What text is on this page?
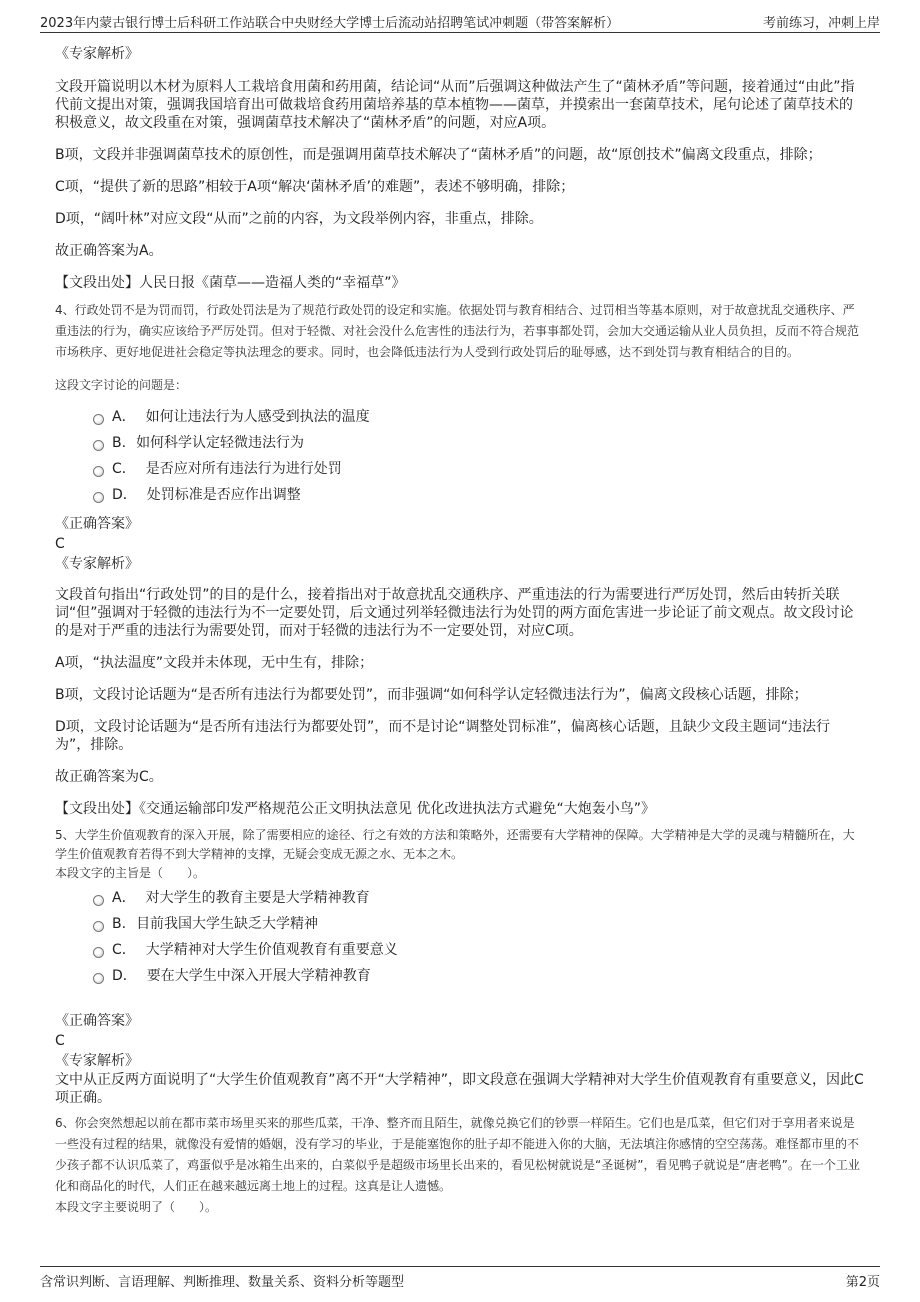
2023年内蒙古银行博士后科研工作站联合中央财经大学博士后流动站招聘笔试冲刺题（带答案解析）	考前练习，冲刺上岸

《专家解析》

文段开篇说明以木材为原料人工栽培食用菌和药用菌，结论词“从而”后强调这种做法产生了“菌林矛盾”等问题，接着通过“由此”指代前文提出对策，强调我国培育出可做栽培食药用菌培养基的草本植物——菌草，并摸索出一套菌草技术，尾句论述了菌草技术的积极意义，故文段重在对策，强调菌草技术解决了“菌林矛盾”的问题，对应A项。

B项，文段并非强调菌草技术的原创性，而是强调用菌草技术解决了“菌林矛盾”的问题，故“原创技术”偏离文段重点，排除；

C项，“提供了新的思路”相较于A项“解决‘菌林矛盾’的难题”，表述不够明确，排除；

D项，“阔叶林”对应文段“从而”之前的内容，为文段举例内容，非重点，排除。

故正确答案为A。

【文段出处】人民日报《菌草——造福人类的“幸福草”》

4、行政处罚不是为罚而罚，行政处罚法是为了规范行政处罚的设定和实施。依据处罚与教育相结合、过罚相当等基本原则，对于故意扰乱交通秩序、严重违法的行为，确实应该给予严厉处罚。但对于轻微、对社会没什么危害性的违法行为，若事事都处罚，会加大交通运输从业人员负担，反而不符合规范市场秩序、更好地促进社会稳定等执法理念的要求。同时，也会降低违法行为人受到行政处罚后的耻辱感，达不到处罚与教育相结合的目的。

这段文字讨论的问题是：

A． 如何让违法行为人感受到执法的温度
B. 如何科学认定轻微违法行为
C． 是否应对所有违法行为进行处罚
D． 处罚标准是否应作出调整

《正确答案》

C

《专家解析》

文段首句指出“行政处罚”的目的是什么，接着指出对于故意扰乱交通秩序、严重违法的行为需要进行严厉处罚，然后由转折关联词“但”强调对于轻微的违法行为不一定要处罚，后文通过列举轻微违法行为处罚的两方面危害进一步论证了前文观点。故文段讨论的是对于严重的违法行为需要处罚，而对于轻微的违法行为不一定要处罚，对应C项。

A项，“执法温度”文段并未体现，无中生有，排除；

B项，文段讨论话题为“是否所有违法行为都要处罚”，而非强调“如何科学认定轻微违法行为”，偏离文段核心话题，排除；

D项，文段讨论话题为“是否所有违法行为都要处罚”，而不是讨论“调整处罚标准”，偏离核心话题，且缺少文段主题词“违法行为”，排除。

故正确答案为C。

【文段出处】《交通运输部印发严格规范公正文明执法意见 优化改进执法方式避免“大炮轰小鸟”》

5、大学生价值观教育的深入开展，除了需要相应的途径、行之有效的方法和策略外，还需要有大学精神的保障。大学精神是大学的灵魂与精髓所在，大学生价值观教育若得不到大学精神的支撑，无疑会变成无源之水、无本之木。

本段文字的主旨是（　　）。

A． 对大学生的教育主要是大学精神教育
B. 目前我国大学生缺乏大学精神
C． 大学精神对大学生价值观教育有重要意义
D． 要在大学生中深入开展大学精神教育

《正确答案》

C

《专家解析》

文中从正反两方面说明了“大学生价值观教育”离不开“大学精神”，即文段意在强调大学精神对大学生价值观教育有重要意义，因此C项正确。

6、你会突然想起以前在都市菜市场里买来的那些瓜菜，干净、整齐而且陌生，就像兑换它们的钞票一样陌生。它们也是瓜菜，但它们对于享用者来说是一些没有过程的结果，就像没有爱情的婚姻，没有学习的毕业，于是能塞饱你的肚子却不能进入你的大脑，无法填注你感情的空空荡荡。难怪都市里的不少孩子都不认识瓜菜了，鸡蛋似乎是冰箱生出来的，白菜似乎是超级市场里长出来的，看见松树就说是“圣诞树”，看见鸭子就说是“唐老鸭”。在一个工业化和商品化的时代，人们正在越来越远离土地上的过程。这真是让人遗憾。

本段文字主要说明了（　　）。

含常识判断、言语理解、判断推理、数量关系、资料分析等题型	第2页
